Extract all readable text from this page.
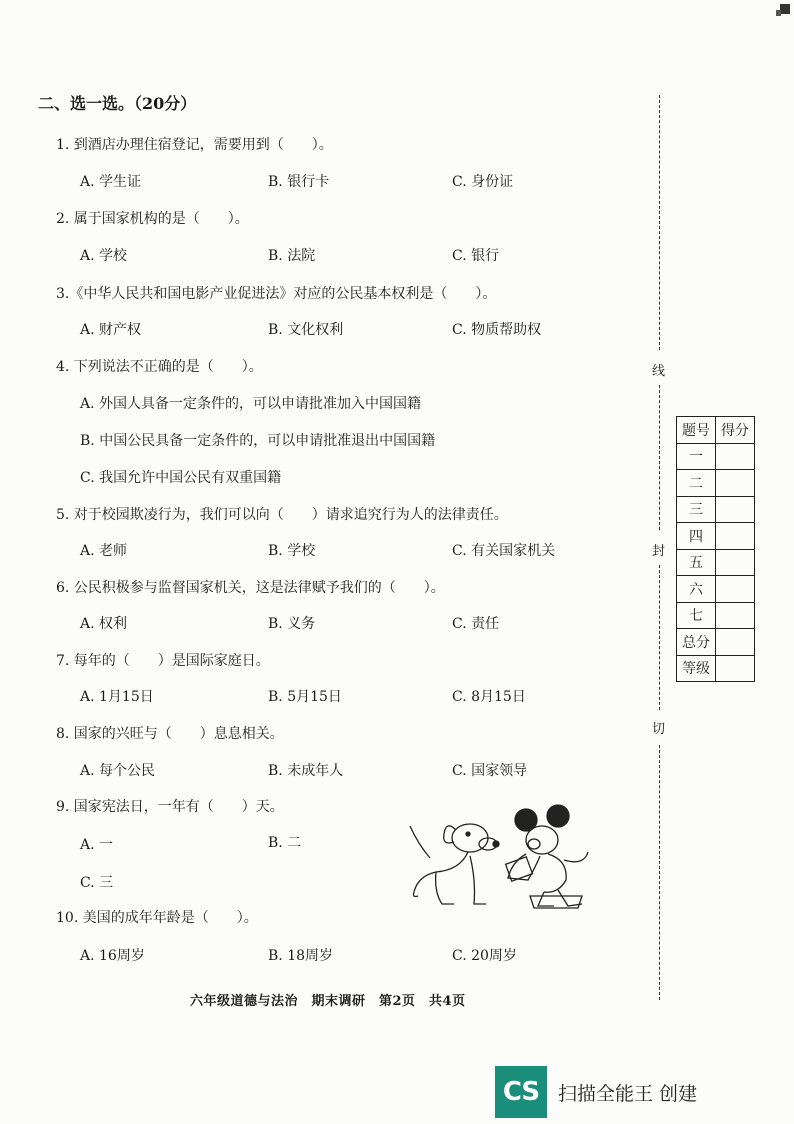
二、选一选。（20分）
1. 到酒店办理住宿登记，需要用到（　　）。
A. 学生证	B. 银行卡	C. 身份证
2. 属于国家机构的是（　　）。
A. 学校	B. 法院	C. 银行
3.《中华人民共和国电影产业促进法》对应的公民基本权利是（　　）。
A. 财产权	B. 文化权利	C. 物质帮助权
4. 下列说法不正确的是（　　）。
A. 外国人具备一定条件的，可以申请批准加入中国国籍
B. 中国公民具备一定条件的，可以申请批准退出中国国籍
C. 我国允许中国公民有双重国籍
5. 对于校园欺凌行为，我们可以向（　　）请求追究行为人的法律责任。
A. 老师	B. 学校	C. 有关国家机关
6. 公民积极参与监督国家机关，这是法律赋予我们的（　　）。
A. 权利	B. 义务	C. 责任
7. 每年的（　　）是国际家庭日。
A. 1月15日	B. 5月15日	C. 8月15日
8. 国家的兴旺与（　　）息息相关。
A. 每个公民	B. 未成年人	C. 国家领导
9. 国家宪法日，一年有（　　）天。
A. 一	B. 二
C. 三
10. 美国的成年年龄是（　　）。
A. 16周岁	B. 18周岁	C. 20周岁
六年级道德与法治　期末调研　第2页　共4页
线
封
切
题号	得分
一	
二	
三	
四	
五	
六	
七	
总分	
等级	
CS 扫描全能王 创建
